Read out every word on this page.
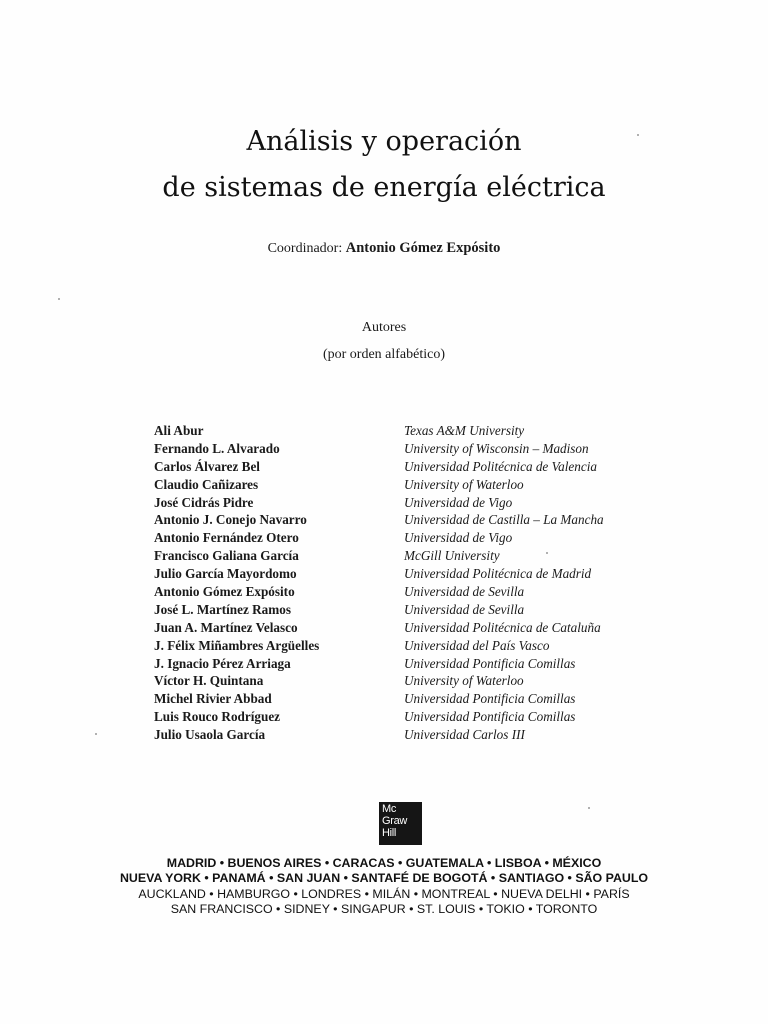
Análisis y operación
de sistemas de energía eléctrica
Coordinador: Antonio Gómez Expósito
Autores
(por orden alfabético)
Ali Abur	Texas A&M University
Fernando L. Alvarado	University of Wisconsin – Madison
Carlos Álvarez Bel	Universidad Politécnica de Valencia
Claudio Cañizares	University of Waterloo
José Cidrás Pidre	Universidad de Vigo
Antonio J. Conejo Navarro	Universidad de Castilla – La Mancha
Antonio Fernández Otero	Universidad de Vigo
Francisco Galiana García	McGill University
Julio García Mayordomo	Universidad Politécnica de Madrid
Antonio Gómez Expósito	Universidad de Sevilla
José L. Martínez Ramos	Universidad de Sevilla
Juan A. Martínez Velasco	Universidad Politécnica de Cataluña
J. Félix Miñambres Argüelles	Universidad del País Vasco
J. Ignacio Pérez Arriaga	Universidad Pontificia Comillas
Víctor H. Quintana	University of Waterloo
Michel Rivier Abbad	Universidad Pontificia Comillas
Luis Rouco Rodríguez	Universidad Pontificia Comillas
Julio Usaola García	Universidad Carlos III
Mc
Graw
Hill
MADRID • BUENOS AIRES • CARACAS • GUATEMALA • LISBOA • MÉXICO
NUEVA YORK • PANAMÁ • SAN JUAN • SANTAFÉ DE BOGOTÁ • SANTIAGO • SÃO PAULO
AUCKLAND • HAMBURGO • LONDRES • MILÁN • MONTREAL • NUEVA DELHI • PARÍS
SAN FRANCISCO • SIDNEY • SINGAPUR • ST. LOUIS • TOKIO • TORONTO
